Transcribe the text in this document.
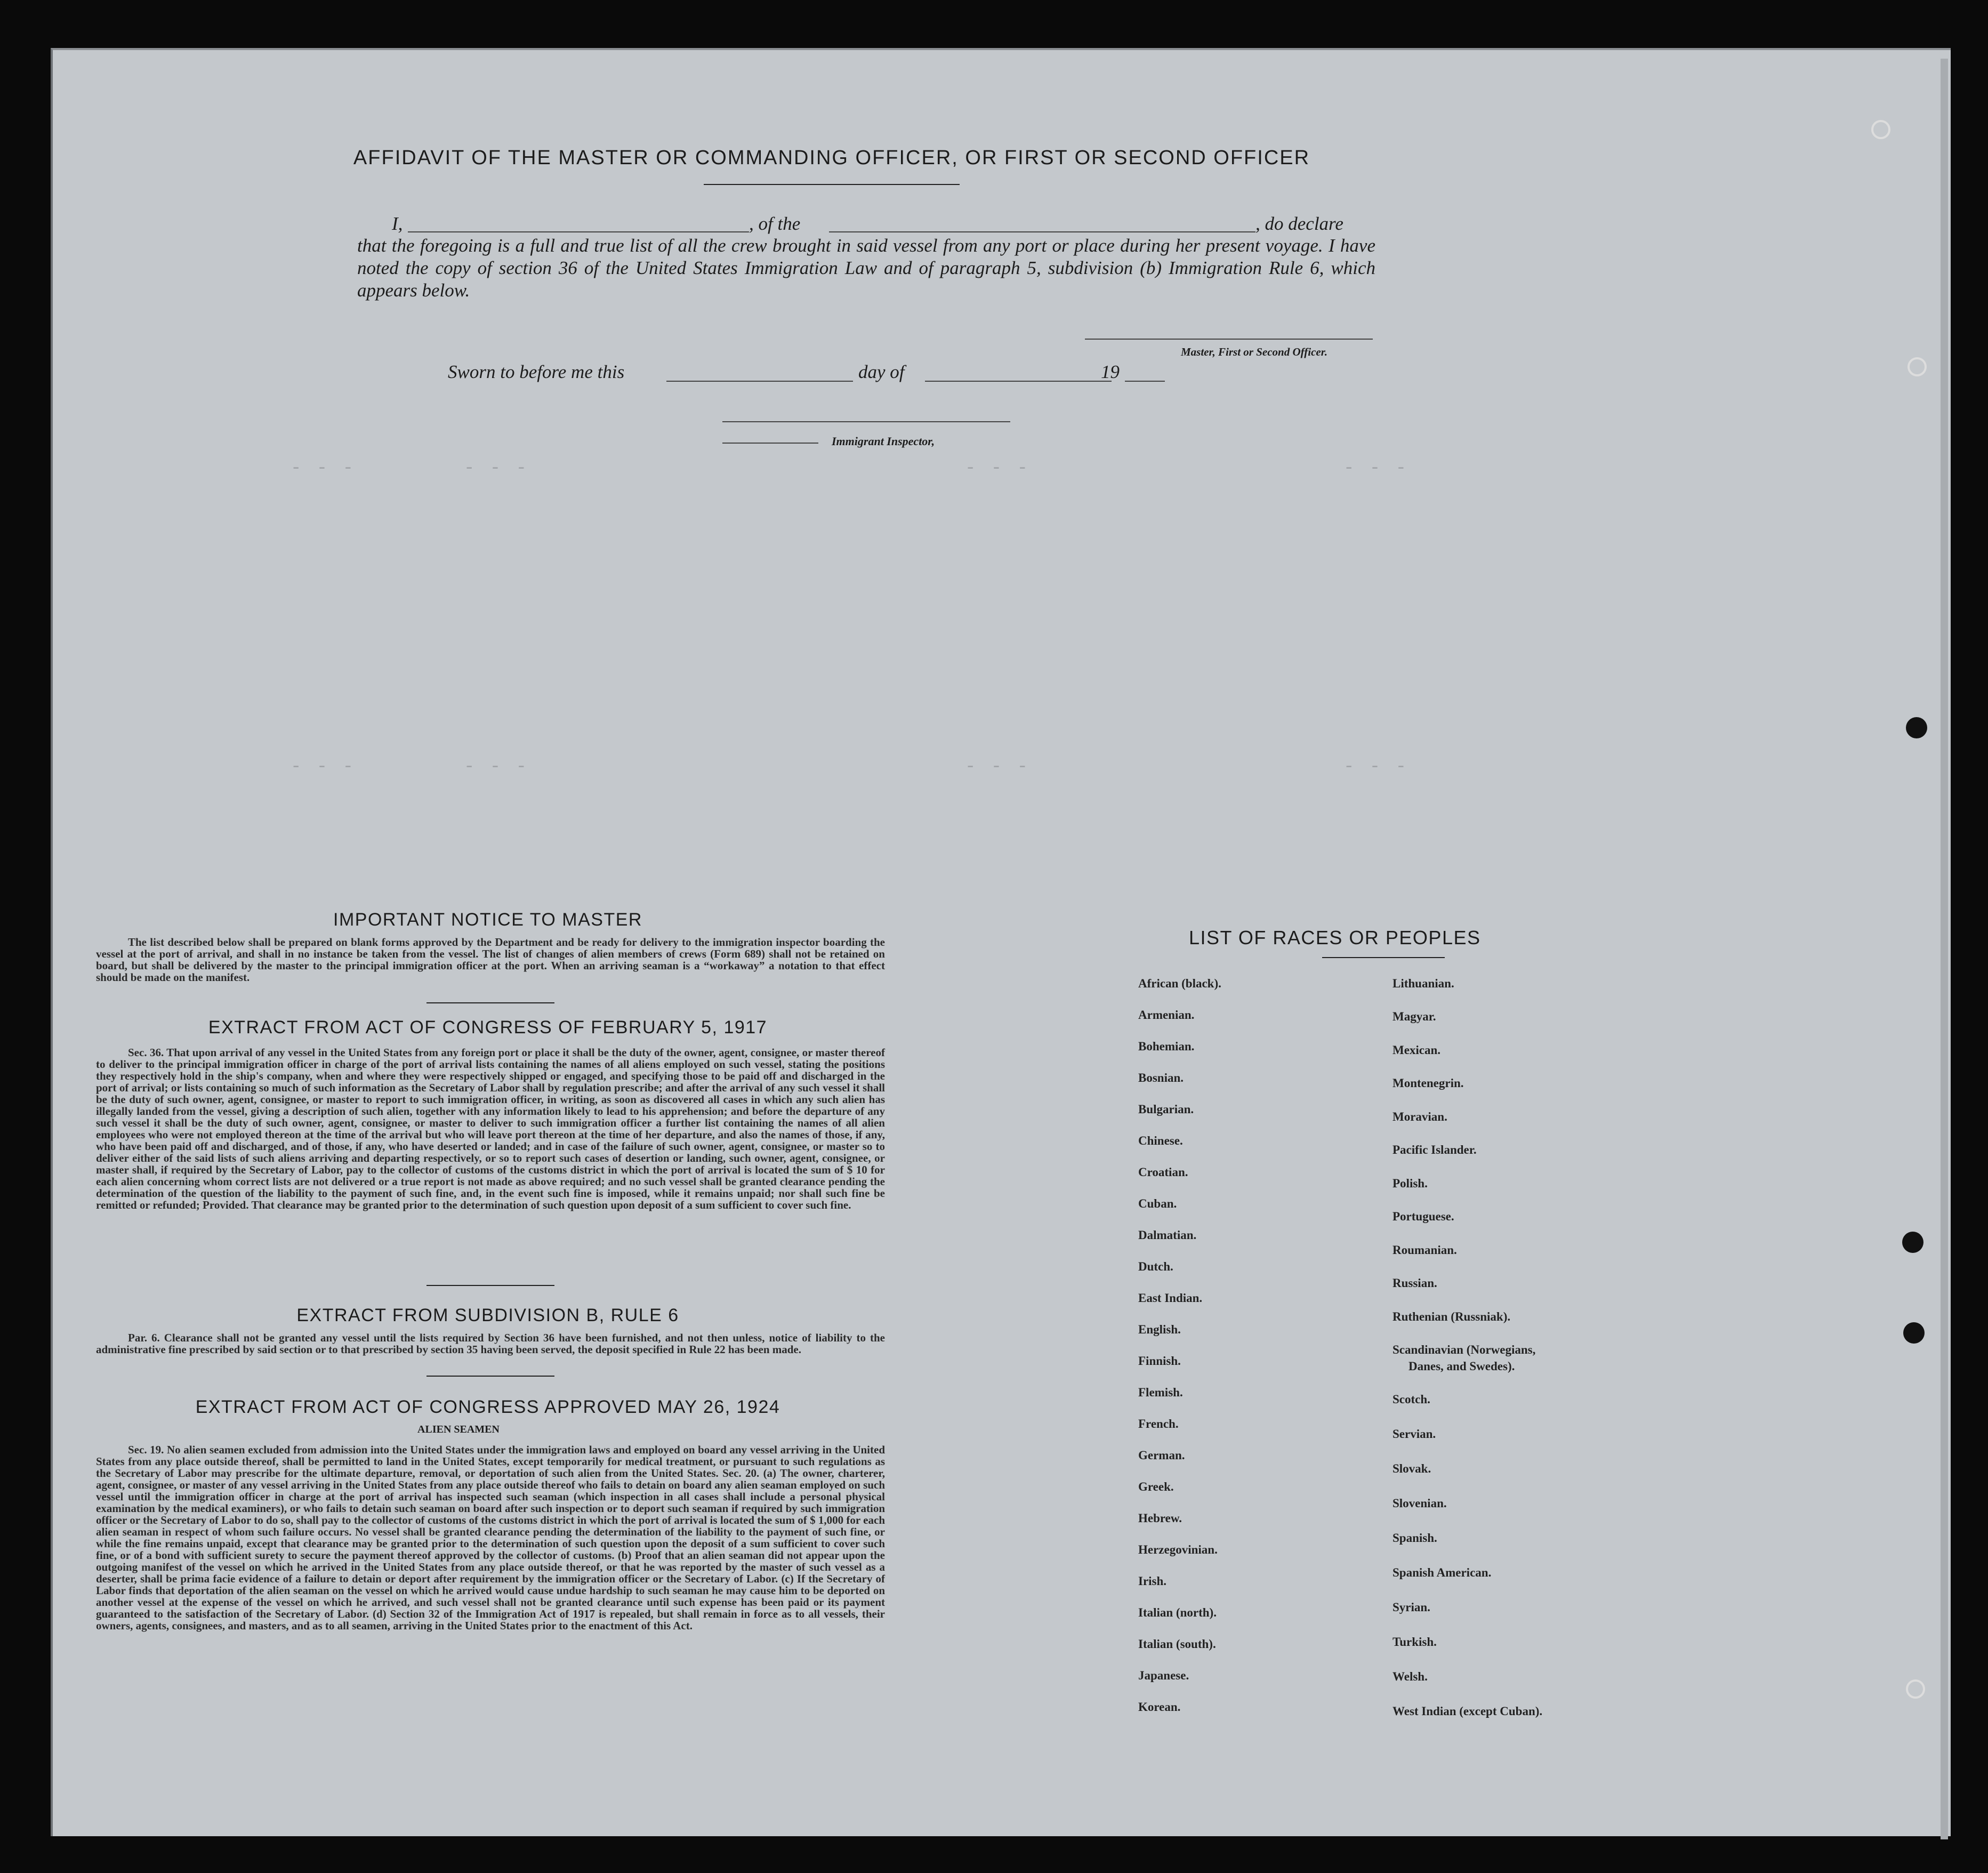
AFFIDAVIT OF THE MASTER OR COMMANDING OFFICER, OR FIRST OR SECOND OFFICER
I,	, of the	, do declare
that the foregoing is a full and true list of all the crew brought in said vessel from any port or place during her present voyage. I have noted the copy of section 36 of the United States Immigration Law and of paragraph 5, subdivision (b) Immigration Rule 6, which appears below.
Master, First or Second Officer.
Sworn to before me this	day of	19
Immigrant Inspector,
- - -	- - -	- - -	- - -
- - -	- - -	- - -	- - -
IMPORTANT NOTICE TO MASTER
The list described below shall be prepared on blank forms approved by the Department and be ready for delivery to the immigration inspector boarding the vessel at the port of arrival, and shall in no instance be taken from the vessel. The list of changes of alien members of crews (Form 689) shall not be retained on board, but shall be delivered by the master to the principal immigration officer at the port. When an arriving seaman is a “workaway” a notation to that effect should be made on the manifest.
EXTRACT FROM ACT OF CONGRESS OF FEBRUARY 5, 1917
Sec. 36. That upon arrival of any vessel in the United States from any foreign port or place it shall be the duty of the owner, agent, consignee, or master thereof to deliver to the principal immigration officer in charge of the port of arrival lists containing the names of all aliens employed on such vessel, stating the positions they respectively hold in the ship's company, when and where they were respectively shipped or engaged, and specifying those to be paid off and discharged in the port of arrival; or lists containing so much of such information as the Secretary of Labor shall by regulation prescribe; and after the arrival of any such vessel it shall be the duty of such owner, agent, consignee, or master to report to such immigration officer, in writing, as soon as discovered all cases in which any such alien has illegally landed from the vessel, giving a description of such alien, together with any information likely to lead to his apprehension; and before the departure of any such vessel it shall be the duty of such owner, agent, consignee, or master to deliver to such immigration officer a further list containing the names of all alien employees who were not employed thereon at the time of the arrival but who will leave port thereon at the time of her departure, and also the names of those, if any, who have been paid off and discharged, and of those, if any, who have deserted or landed; and in case of the failure of such owner, agent, consignee, or master so to deliver either of the said lists of such aliens arriving and departing respectively, or so to report such cases of desertion or landing, such owner, agent, consignee, or master shall, if required by the Secretary of Labor, pay to the collector of customs of the customs district in which the port of arrival is located the sum of $ 10 for each alien concerning whom correct lists are not delivered or a true report is not made as above required; and no such vessel shall be granted clearance pending the determination of the question of the liability to the payment of such fine, and, in the event such fine is imposed, while it remains unpaid; nor shall such fine be remitted or refunded; Provided. That clearance may be granted prior to the determination of such question upon deposit of a sum sufficient to cover such fine.
EXTRACT FROM SUBDIVISION B, RULE 6
Par. 6. Clearance shall not be granted any vessel until the lists required by Section 36 have been furnished, and not then unless, notice of liability to the administrative fine prescribed by said section or to that prescribed by section 35 having been served, the deposit specified in Rule 22 has been made.
EXTRACT FROM ACT OF CONGRESS APPROVED MAY 26, 1924
ALIEN SEAMEN
Sec. 19. No alien seamen excluded from admission into the United States under the immigration laws and employed on board any vessel arriving in the United States from any place outside thereof, shall be permitted to land in the United States, except temporarily for medical treatment, or pursuant to such regulations as the Secretary of Labor may prescribe for the ultimate departure, removal, or deportation of such alien from the United States. Sec. 20. (a) The owner, charterer, agent, consignee, or master of any vessel arriving in the United States from any place outside thereof who fails to detain on board any alien seaman employed on such vessel until the immigration officer in charge at the port of arrival has inspected such seaman (which inspection in all cases shall include a personal physical examination by the medical examiners), or who fails to detain such seaman on board after such inspection or to deport such seaman if required by such immigration officer or the Secretary of Labor to do so, shall pay to the collector of customs of the customs district in which the port of arrival is located the sum of $ 1,000 for each alien seaman in respect of whom such failure occurs. No vessel shall be granted clearance pending the determination of the liability to the payment of such fine, or while the fine remains unpaid, except that clearance may be granted prior to the determination of such question upon the deposit of a sum sufficient to cover such fine, or of a bond with sufficient surety to secure the payment thereof approved by the collector of customs. (b) Proof that an alien seaman did not appear upon the outgoing manifest of the vessel on which he arrived in the United States from any place outside thereof, or that he was reported by the master of such vessel as a deserter, shall be prima facie evidence of a failure to detain or deport after requirement by the immigration officer or the Secretary of Labor. (c) If the Secretary of Labor finds that deportation of the alien seaman on the vessel on which he arrived would cause undue hardship to such seaman he may cause him to be deported on another vessel at the expense of the vessel on which he arrived, and such vessel shall not be granted clearance until such expense has been paid or its payment guaranteed to the satisfaction of the Secretary of Labor. (d) Section 32 of the Immigration Act of 1917 is repealed, but shall remain in force as to all vessels, their owners, agents, consignees, and masters, and as to all seamen, arriving in the United States prior to the enactment of this Act.
LIST OF RACES OR PEOPLES
African (black).
Armenian.
Bohemian.
Bosnian.
Bulgarian.
Chinese.
Croatian.
Cuban.
Dalmatian.
Dutch.
East Indian.
English.
Finnish.
Flemish.
French.
German.
Greek.
Hebrew.
Herzegovinian.
Irish.
Italian (north).
Italian (south).
Japanese.
Korean.
Lithuanian.
Magyar.
Mexican.
Montenegrin.
Moravian.
Pacific Islander.
Polish.
Portuguese.
Roumanian.
Russian.
Ruthenian (Russniak).
Scandinavian (Norwegians,
Danes, and Swedes).
Scotch.
Servian.
Slovak.
Slovenian.
Spanish.
Spanish American.
Syrian.
Turkish.
Welsh.
West Indian (except Cuban).
